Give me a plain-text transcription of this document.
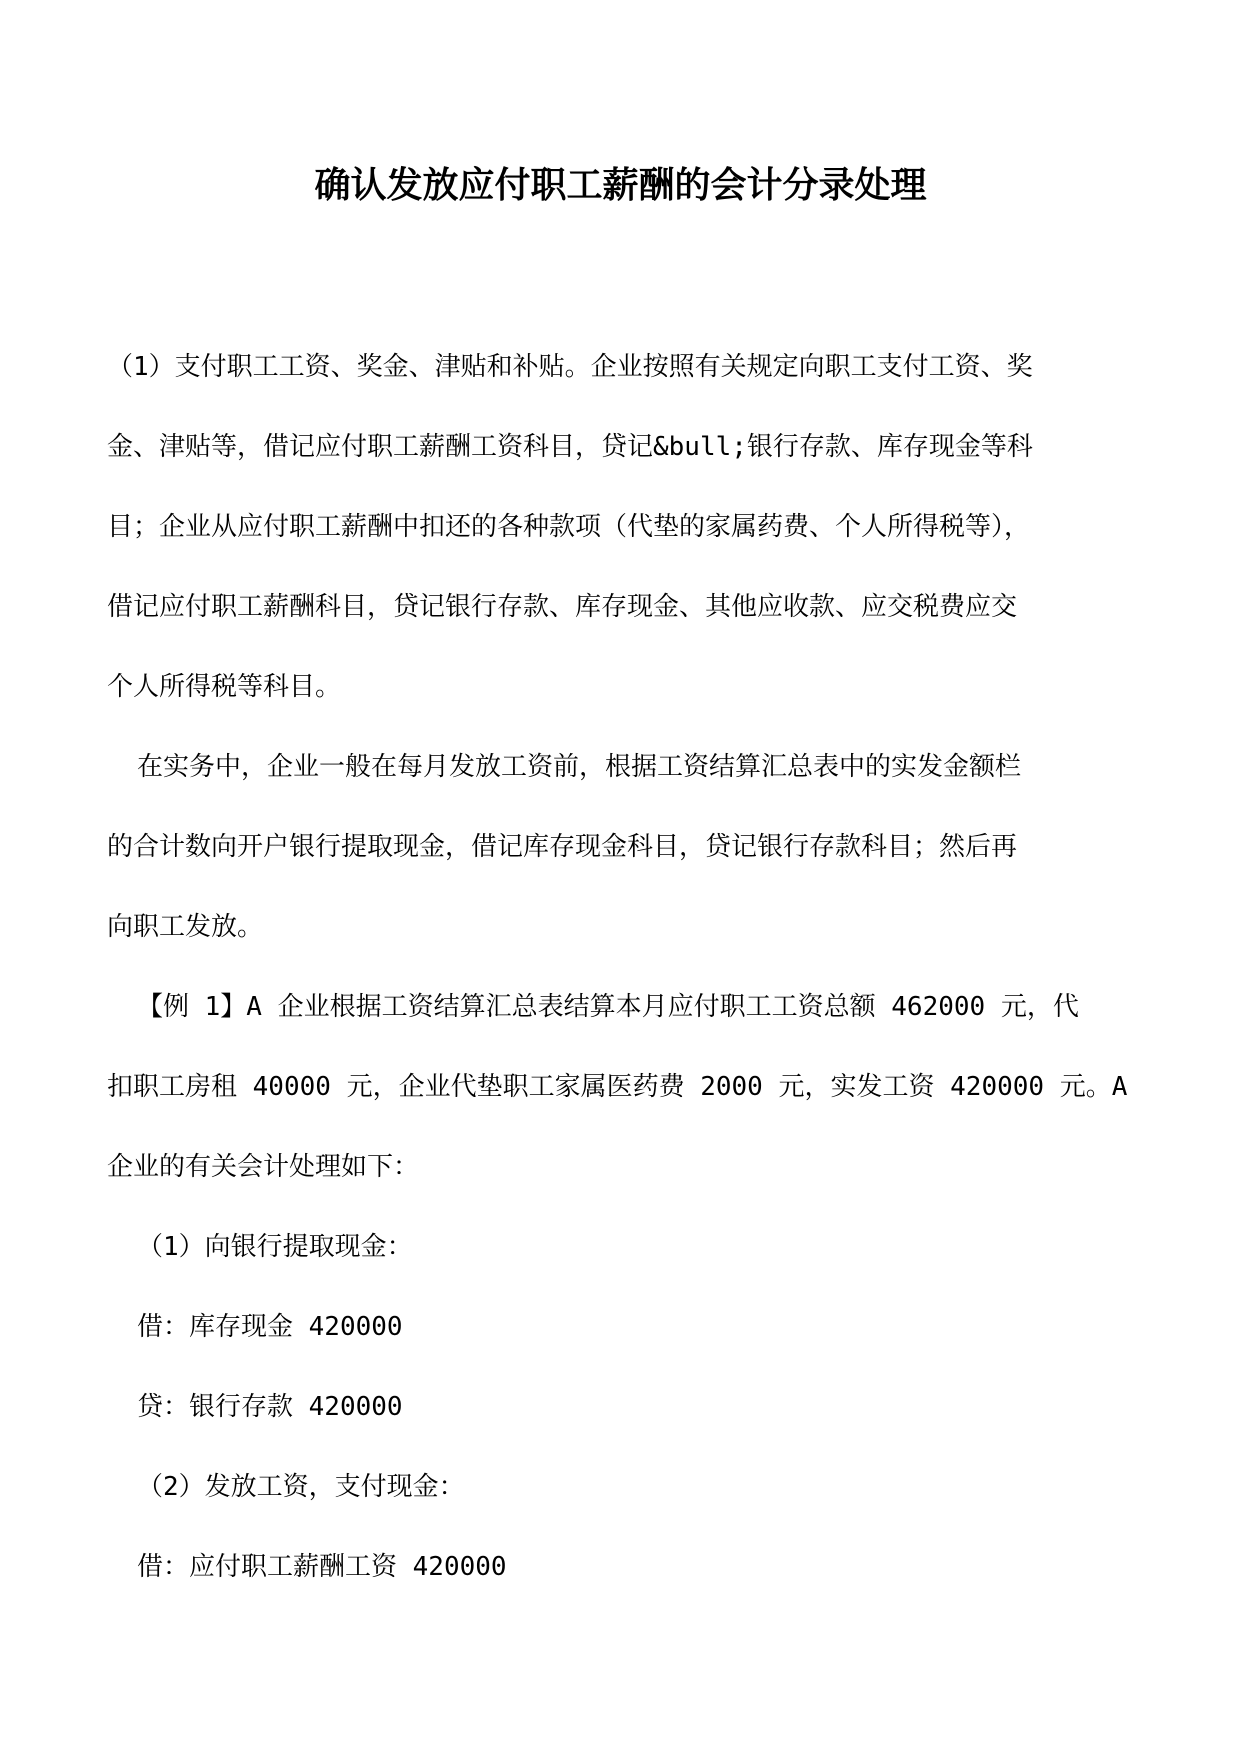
确认发放应付职工薪酬的会计分录处理

（1）支付职工工资、奖金、津贴和补贴。企业按照有关规定向职工支付工资、奖

金、津贴等，借记应付职工薪酬工资科目，贷记&bull;银行存款、库存现金等科

目；企业从应付职工薪酬中扣还的各种款项（代垫的家属药费、个人所得税等），

借记应付职工薪酬科目，贷记银行存款、库存现金、其他应收款、应交税费应交

个人所得税等科目。

在实务中，企业一般在每月发放工资前，根据工资结算汇总表中的实发金额栏

的合计数向开户银行提取现金，借记库存现金科目，贷记银行存款科目；然后再

向职工发放。

【例 1】A 企业根据工资结算汇总表结算本月应付职工工资总额 462000 元，代

扣职工房租 40000 元，企业代垫职工家属医药费 2000 元，实发工资 420000 元。A

企业的有关会计处理如下：

（1）向银行提取现金：

借：库存现金 420000

贷：银行存款 420000

（2）发放工资，支付现金：

借：应付职工薪酬工资 420000
